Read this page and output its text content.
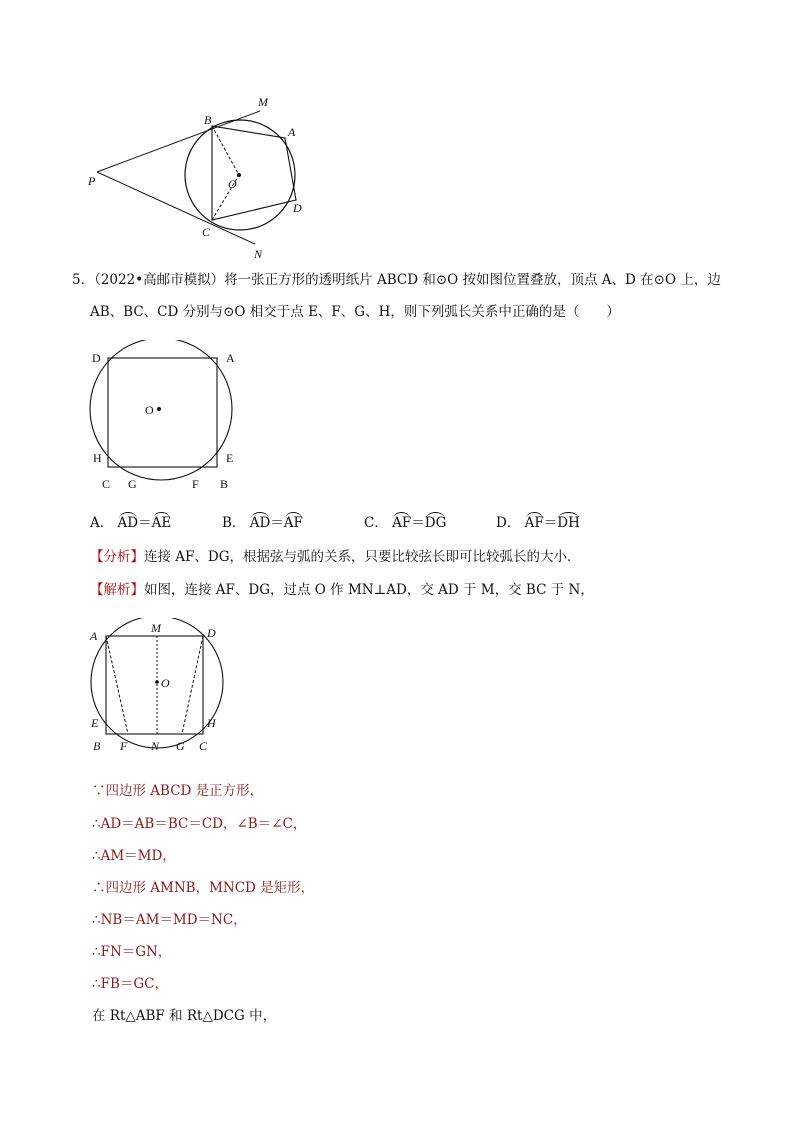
M
B
A
O
P
D
C
N
5．（2022•高邮市模拟）将一张正方形的透明纸片 ABCD 和⊙O 按如图位置叠放，顶点 A、D 在⊙O 上，边
AB、BC、CD 分别与⊙O 相交于点 E、F、G、H，则下列弧长关系中正确的是（　　）
D	A
O
H	E
C G	F B
A． AD＝AE	B． AD＝AF	C． AF＝DG	D． AF＝DH
【分析】连接 AF、DG，根据弦与弧的关系，只要比较弦长即可比较弧长的大小．
【解析】如图，连接 AF、DG，过点 O 作 MN⊥AD，交 AD 于 M，交 BC 于 N，
A
M	D
O
E	H
B F N G C
∵四边形 ABCD 是正方形，
∴AD＝AB＝BC＝CD，∠B＝∠C，
∴AM＝MD，
∴四边形 AMNB，MNCD 是矩形，
∴NB＝AM＝MD＝NC，
∴FN＝GN，
∴FB＝GC，
在 Rt△ABF 和 Rt△DCG 中，
